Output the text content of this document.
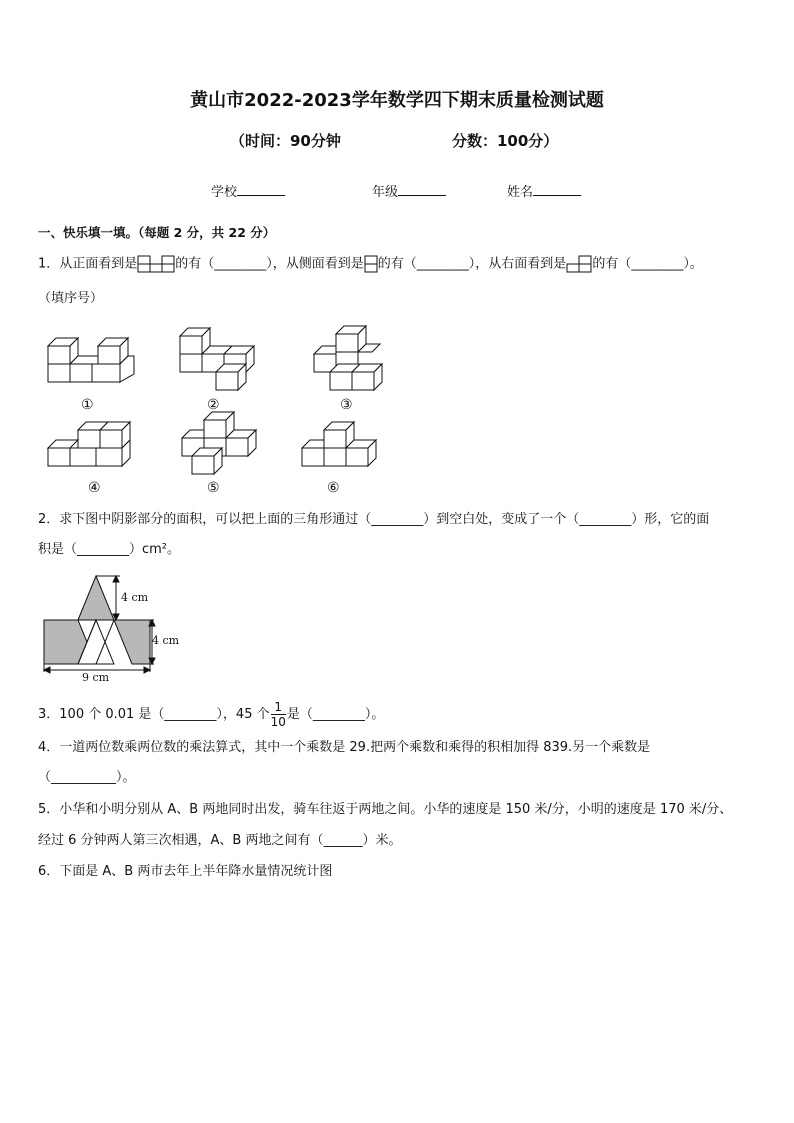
黄山市2022-2023学年数学四下期末质量检测试题
（时间：90分钟	分数：100分）
学校	年级	姓名
一、快乐填一填。（每题 2 分，共 22 分）
1．从正面看到是	的有（________），从侧面看到是 的有（________），从右面看到是 的有（________）。
（填序号）
①	②	③
④	⑤	⑥
2．求下图中阴影部分的面积，可以把上面的三角形通过（________）到空白处，变成了一个（________）形，它的面
积是（________）cm²。
4 cm
4 cm
9 cm
3．100 个 0.01 是（________），45 个 $\frac{1}{10}$ 是（________）。
4．一道两位数乘两位数的乘法算式，其中一个乘数是 29.把两个乘数和乘得的积相加得 839.另一个乘数是
（__________）。
5．小华和小明分别从 A、B 两地同时出发，骑车往返于两地之间。小华的速度是 150 米/分，小明的速度是 170 米/分、
经过 6 分钟两人第三次相遇，A、B 两地之间有（______）米。
6．下面是 A、B 两市去年上半年降水量情况统计图
